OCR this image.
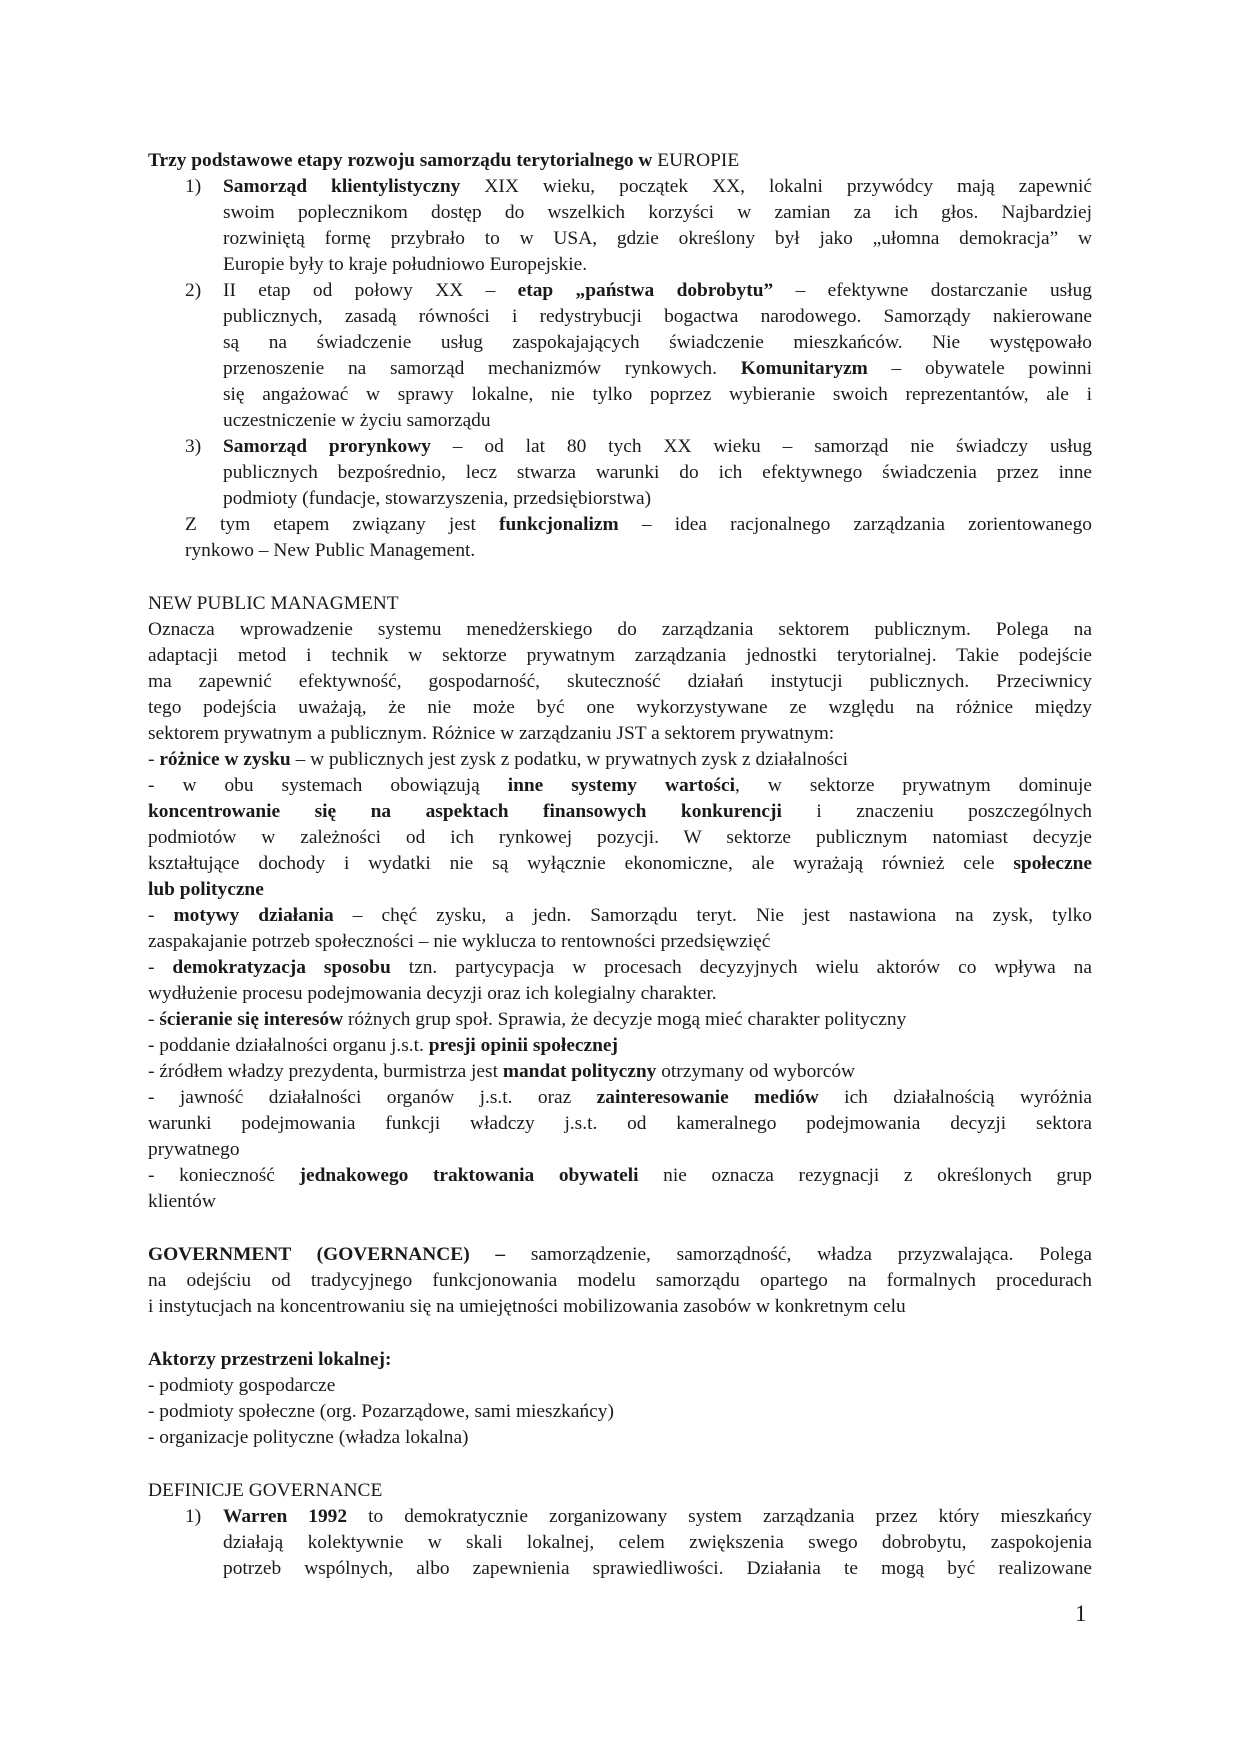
Trzy podstawowe etapy rozwoju samorządu terytorialnego w EUROPIE
1) Samorząd klientylistyczny XIX wieku, początek XX, lokalni przywódcy mają zapewnić
swoim poplecznikom dostęp do wszelkich korzyści w zamian za ich głos. Najbardziej
rozwiniętą formę przybrało to w USA, gdzie określony był jako „ułomna demokracja” w
Europie były to kraje południowo Europejskie.
2) II etap od połowy XX – etap „państwa dobrobytu” – efektywne dostarczanie usług
publicznych, zasadą równości i redystrybucji bogactwa narodowego. Samorządy nakierowane
są na świadczenie usług zaspokajających świadczenie mieszkańców. Nie występowało
przenoszenie na samorząd mechanizmów rynkowych. Komunitaryzm – obywatele powinni
się angażować w sprawy lokalne, nie tylko poprzez wybieranie swoich reprezentantów, ale i
uczestniczenie w życiu samorządu
3) Samorząd prorynkowy – od lat 80 tych XX wieku – samorząd nie świadczy usług
publicznych bezpośrednio, lecz stwarza warunki do ich efektywnego świadczenia przez inne
podmioty (fundacje, stowarzyszenia, przedsiębiorstwa)
Z tym etapem związany jest funkcjonalizm – idea racjonalnego zarządzania zorientowanego
rynkowo – New Public Management.
NEW PUBLIC MANAGMENT
Oznacza wprowadzenie systemu menedżerskiego do zarządzania sektorem publicznym. Polega na
adaptacji metod i technik w sektorze prywatnym zarządzania jednostki terytorialnej. Takie podejście
ma zapewnić efektywność, gospodarność, skuteczność działań instytucji publicznych. Przeciwnicy
tego podejścia uważają, że nie może być one wykorzystywane ze względu na różnice między
sektorem prywatnym a publicznym. Różnice w zarządzaniu JST a sektorem prywatnym:
- różnice w zysku – w publicznych jest zysk z podatku, w prywatnych zysk z działalności
- w obu systemach obowiązują inne systemy wartości, w sektorze prywatnym dominuje
koncentrowanie się na aspektach finansowych konkurencji i znaczeniu poszczególnych
podmiotów w zależności od ich rynkowej pozycji. W sektorze publicznym natomiast decyzje
kształtujące dochody i wydatki nie są wyłącznie ekonomiczne, ale wyrażają również cele społeczne
lub polityczne
- motywy działania – chęć zysku, a jedn. Samorządu teryt. Nie jest nastawiona na zysk, tylko
zaspakajanie potrzeb społeczności – nie wyklucza to rentowności przedsięwzięć
- demokratyzacja sposobu tzn. partycypacja w procesach decyzyjnych wielu aktorów co wpływa na
wydłużenie procesu podejmowania decyzji oraz ich kolegialny charakter.
- ścieranie się interesów różnych grup społ. Sprawia, że decyzje mogą mieć charakter polityczny
- poddanie działalności organu j.s.t. presji opinii społecznej
- źródłem władzy prezydenta, burmistrza jest mandat polityczny otrzymany od wyborców
- jawność działalności organów j.s.t. oraz zainteresowanie mediów ich działalnością wyróżnia
warunki podejmowania funkcji władczy j.s.t. od kameralnego podejmowania decyzji sektora
prywatnego
- konieczność jednakowego traktowania obywateli nie oznacza rezygnacji z określonych grup
klientów
GOVERNMENT (GOVERNANCE) – samorządzenie, samorządność, władza przyzwalająca. Polega
na odejściu od tradycyjnego funkcjonowania modelu samorządu opartego na formalnych procedurach
i instytucjach na koncentrowaniu się na umiejętności mobilizowania zasobów w konkretnym celu
Aktorzy przestrzeni lokalnej:
- podmioty gospodarcze
- podmioty społeczne (org. Pozarządowe, sami mieszkańcy)
- organizacje polityczne (władza lokalna)
DEFINICJE GOVERNANCE
1) Warren 1992 to demokratycznie zorganizowany system zarządzania przez który mieszkańcy
działają kolektywnie w skali lokalnej, celem zwiększenia swego dobrobytu, zaspokojenia
potrzeb wspólnych, albo zapewnienia sprawiedliwości. Działania te mogą być realizowane
1
